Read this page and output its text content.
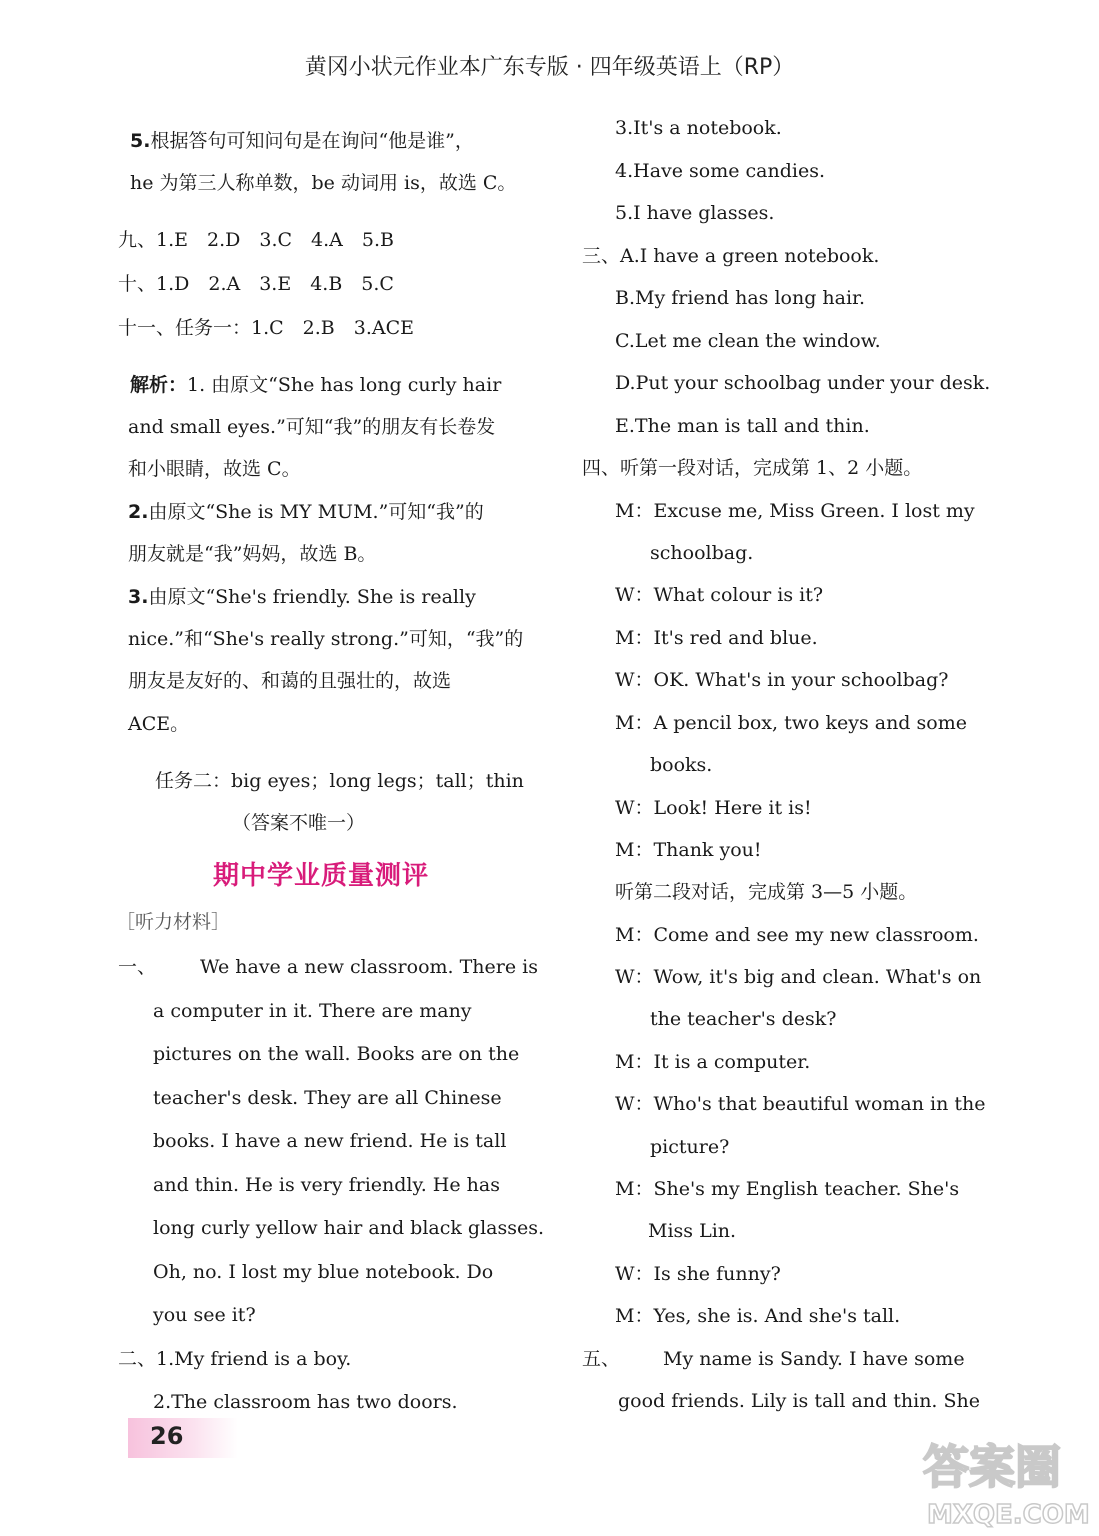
黄冈小状元作业本广东专版 · 四年级英语上（RP）
5.根据答句可知问句是在询问“他是谁”，
he 为第三人称单数，be 动词用 is，故选 C。
九、1.E　2.D　3.C　4.A　5.B
十、1.D　2.A　3.E　4.B　5.C
十一、任务一：1.C　2.B　3.ACE
解析：1. 由原文“She has long curly hair
and small eyes.”可知“我”的朋友有长卷发
和小眼睛，故选 C。
2.由原文“She is MY MUM.”可知“我”的
朋友就是“我”妈妈，故选 B。
3.由原文“She's friendly. She is really
nice.”和“She's really strong.”可知，“我”的
朋友是友好的、和蔼的且强壮的，故选
ACE。
任务二：big eyes；long legs；tall；thin
（答案不唯一）
期中学业质量测评
［听力材料］
一、 We have a new classroom. There is
a computer in it. There are many
pictures on the wall. Books are on the
teacher's desk. They are all Chinese
books. I have a new friend. He is tall
and thin. He is very friendly. He has
long curly yellow hair and black glasses.
Oh, no. I lost my blue notebook. Do
you see it?
二、1.My friend is a boy.
2.The classroom has two doors.
26
3.It's a notebook.
4.Have some candies.
5.I have glasses.
三、A.I have a green notebook.
B.My friend has long hair.
C.Let me clean the window.
D.Put your schoolbag under your desk.
E.The man is tall and thin.
四、听第一段对话，完成第 1、2 小题。
M：Excuse me, Miss Green. I lost my
schoolbag.
W：What colour is it?
M：It's red and blue.
W：OK. What's in your schoolbag?
M：A pencil box, two keys and some
books.
W：Look! Here it is!
M：Thank you!
听第二段对话，完成第 3—5 小题。
M：Come and see my new classroom.
W：Wow, it's big and clean. What's on
the teacher's desk?
M：It is a computer.
W：Who's that beautiful woman in the
picture?
M：She's my English teacher. She's
Miss Lin.
W：Is she funny?
M：Yes, she is. And she's tall.
五、 My name is Sandy. I have some
good friends. Lily is tall and thin. She
答案圈
MXQE.COM
